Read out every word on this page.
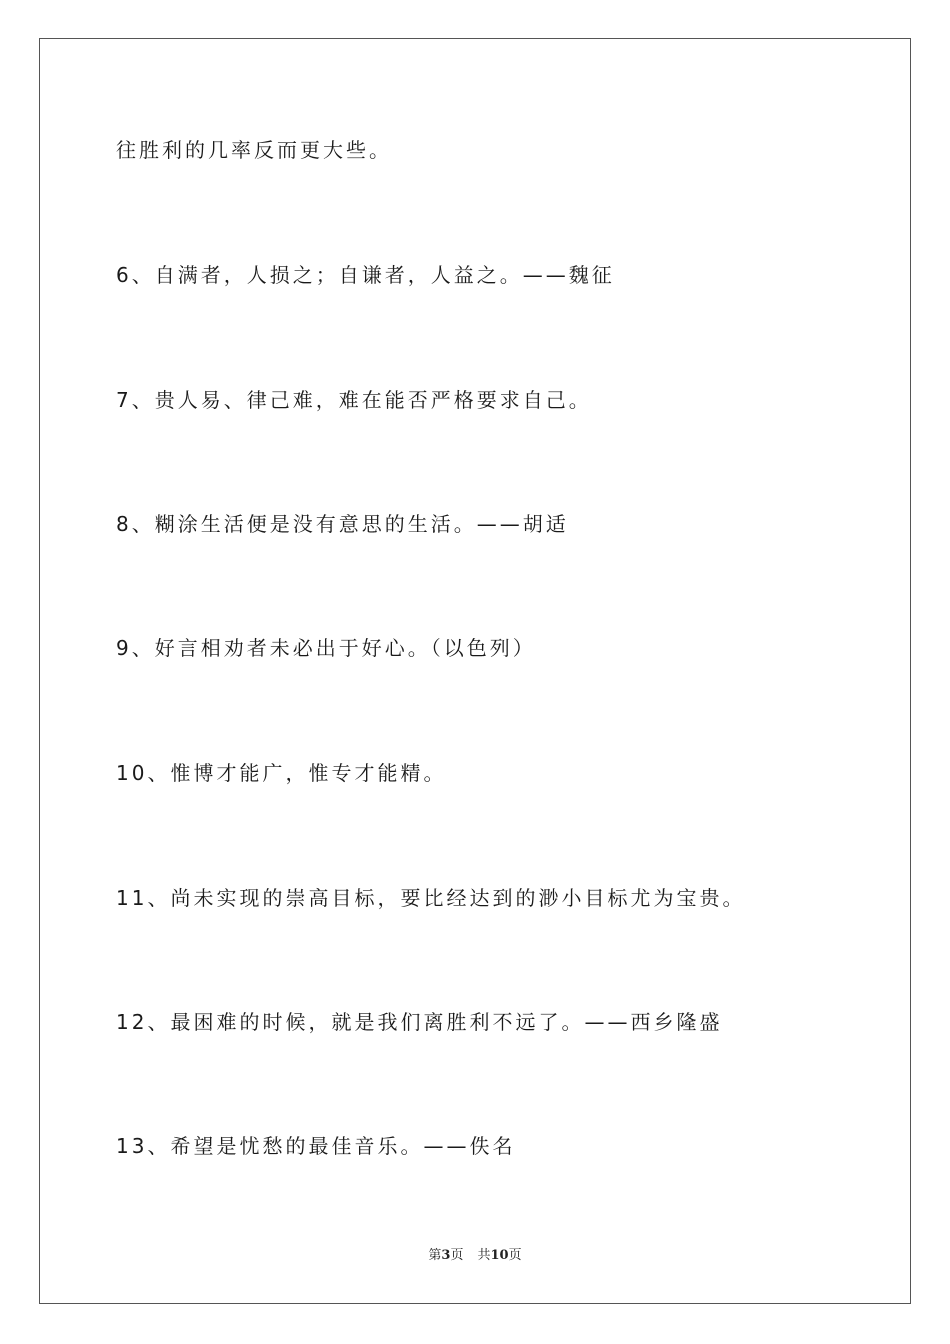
往胜利的几率反而更大些。
6、自满者，人损之；自谦者，人益之。——魏征
7、贵人易、律己难，难在能否严格要求自己。
8、糊涂生活便是没有意思的生活。——胡适
9、好言相劝者未必出于好心。（以色列）
10、惟博才能广，惟专才能精。
11、尚未实现的崇高目标，要比经达到的渺小目标尤为宝贵。
12、最困难的时候，就是我们离胜利不远了。——西乡隆盛
13、希望是忧愁的最佳音乐。——佚名
第3页 共10页
